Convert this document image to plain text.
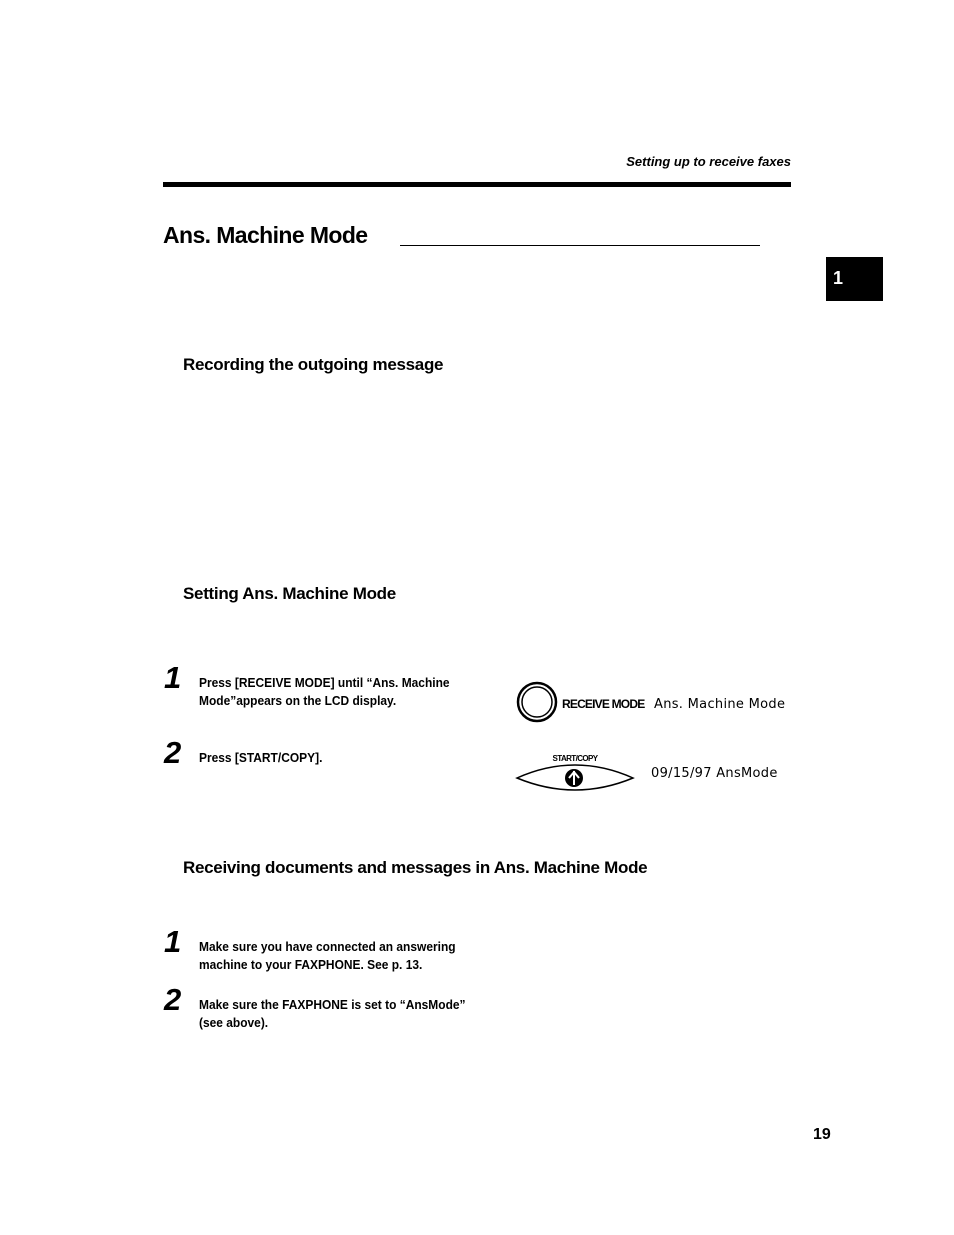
Setting up to receive faxes
Ans. Machine Mode
1
Recording the outgoing message
Setting Ans. Machine Mode
1 Press [RECEIVE MODE] until “Ans. Machine Mode”appears on the LCD display.
2 Press [START/COPY].
RECEIVE MODE Ans. Machine Mode
START/COPY
09/15/97 AnsMode
Receiving documents and messages in Ans. Machine Mode
1 Make sure you have connected an answering machine to your FAXPHONE. See p. 13.
2 Make sure the FAXPHONE is set to “AnsMode” (see above).
19
